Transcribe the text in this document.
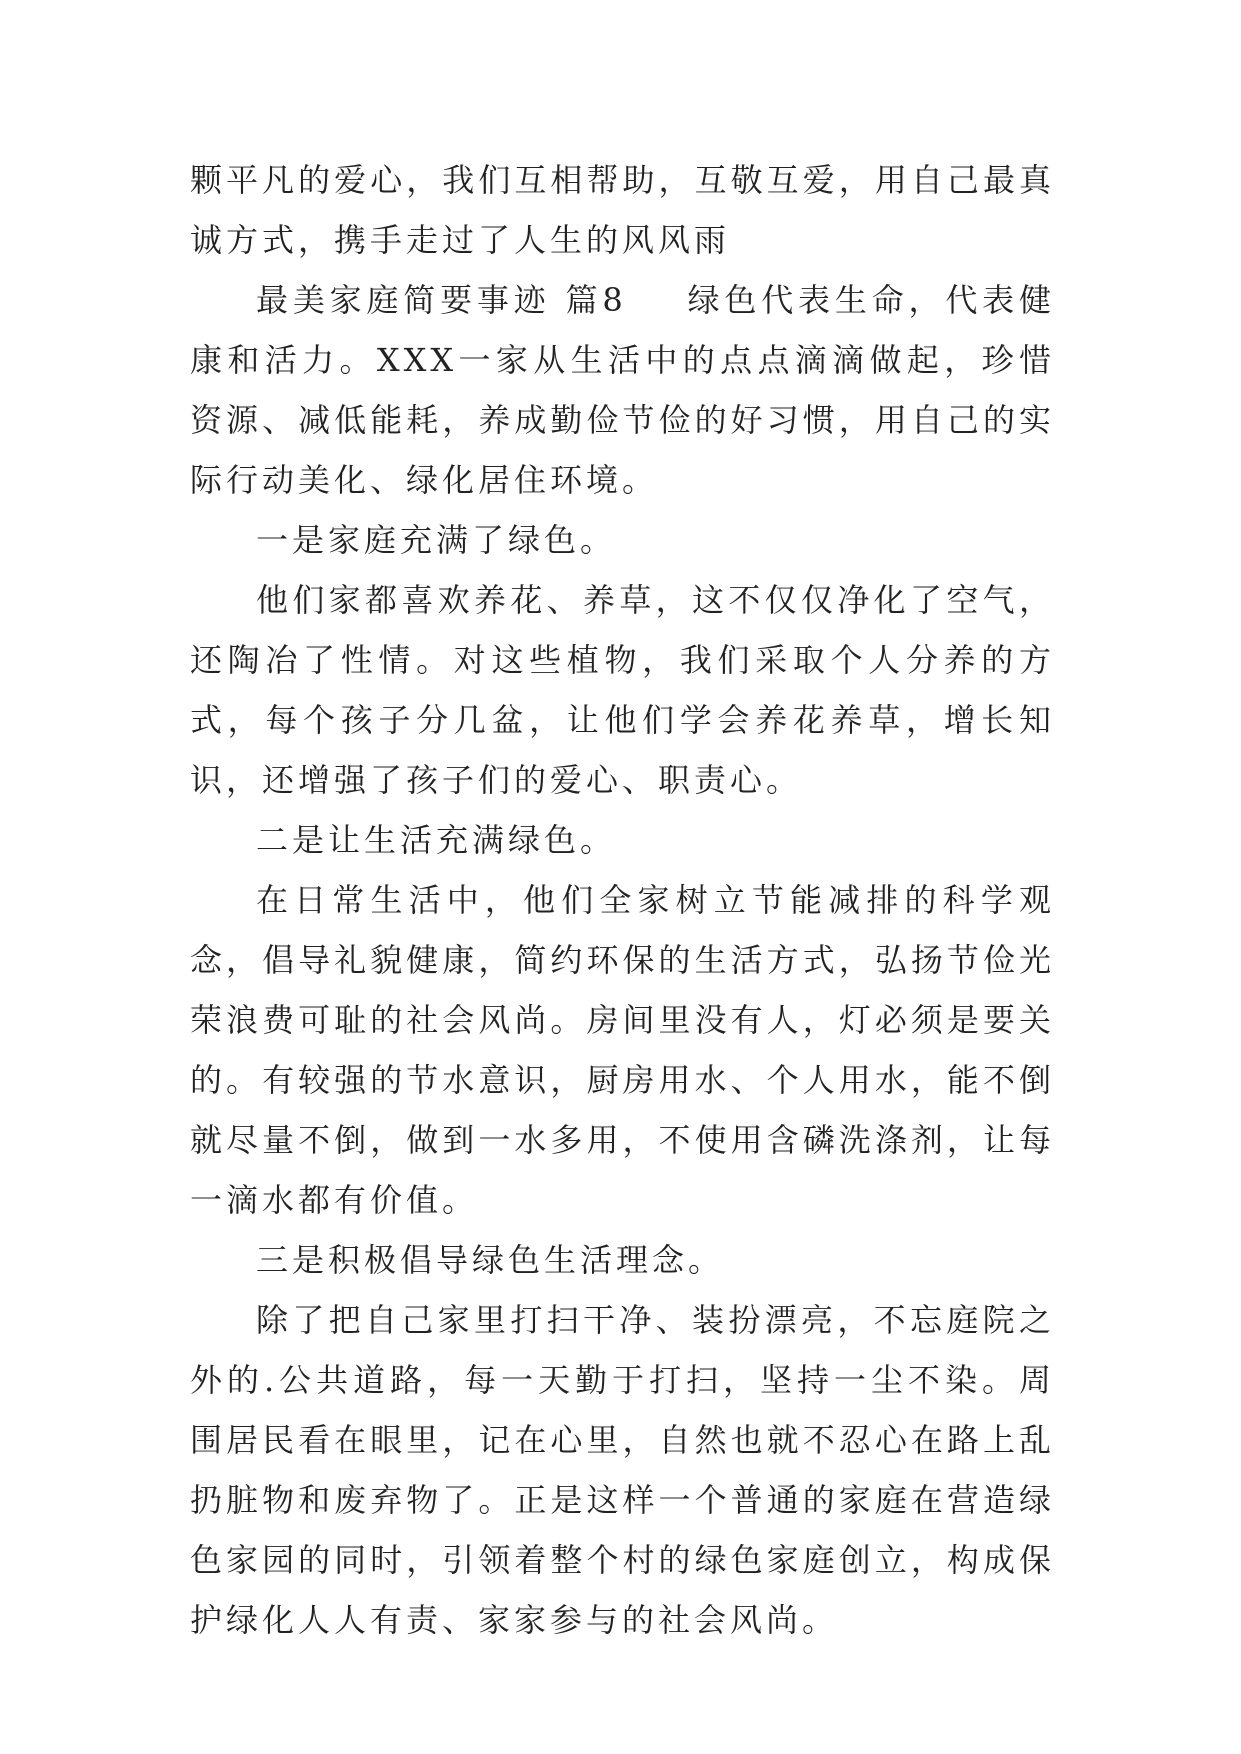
颗平凡的爱心，我们互相帮助，互敬互爱，用自己最真诚方式，携手走过了人生的风风雨

最美家庭简要事迹 篇8 绿色代表生命，代表健康和活力。XXX一家从生活中的点点滴滴做起，珍惜资源、减低能耗，养成勤俭节俭的好习惯，用自己的实际行动美化、绿化居住环境。

一是家庭充满了绿色。

他们家都喜欢养花、养草，这不仅仅净化了空气，还陶冶了性情。对这些植物，我们采取个人分养的方式，每个孩子分几盆，让他们学会养花养草，增长知识，还增强了孩子们的爱心、职责心。

二是让生活充满绿色。

在日常生活中，他们全家树立节能减排的科学观念，倡导礼貌健康，简约环保的生活方式，弘扬节俭光荣浪费可耻的社会风尚。房间里没有人，灯必须是要关的。有较强的节水意识，厨房用水、个人用水，能不倒就尽量不倒，做到一水多用，不使用含磷洗涤剂，让每一滴水都有价值。

三是积极倡导绿色生活理念。

除了把自己家里打扫干净、装扮漂亮，不忘庭院之外的.公共道路，每一天勤于打扫，坚持一尘不染。周围居民看在眼里，记在心里，自然也就不忍心在路上乱扔脏物和废弃物了。正是这样一个普通的家庭在营造绿色家园的同时，引领着整个村的绿色家庭创立，构成保护绿化人人有责、家家参与的社会风尚。
